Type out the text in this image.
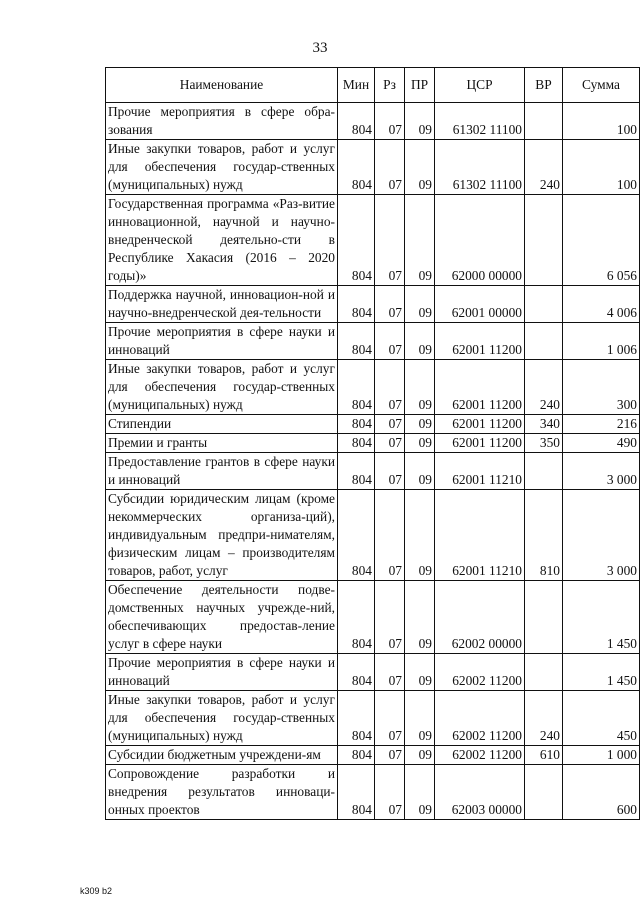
33
Наименование	Мин	Рз	ПР	ЦСР	ВР	Сумма
Прочие мероприятия в сфере обра-зования	804	07	09	61302 11100		100
Иные закупки товаров, работ и услуг для обеспечения государ-ственных (муниципальных) нужд	804	07	09	61302 11100	240	100
Государственная программа «Раз-витие инновационной, научной и научно-внедренческой деятельно-сти в Республике Хакасия (2016 – 2020 годы)»	804	07	09	62000 00000		6 056
Поддержка научной, инновацион-ной и научно-внедренческой дея-тельности	804	07	09	62001 00000		4 006
Прочие мероприятия в сфере науки и инноваций	804	07	09	62001 11200		1 006
Иные закупки товаров, работ и услуг для обеспечения государ-ственных (муниципальных) нужд	804	07	09	62001 11200	240	300
Стипендии	804	07	09	62001 11200	340	216
Премии и гранты	804	07	09	62001 11200	350	490
Предоставление грантов в сфере науки и инноваций	804	07	09	62001 11210		3 000
Субсидии юридическим лицам (кроме некоммерческих организа-ций), индивидуальным предпри-нимателям, физическим лицам – производителям товаров, работ, услуг	804	07	09	62001 11210	810	3 000
Обеспечение деятельности подве-домственных научных учрежде-ний, обеспечивающих предостав-ление услуг в сфере науки	804	07	09	62002 00000		1 450
Прочие мероприятия в сфере науки и инноваций	804	07	09	62002 11200		1 450
Иные закупки товаров, работ и услуг для обеспечения государ-ственных (муниципальных) нужд	804	07	09	62002 11200	240	450
Субсидии бюджетным учреждени-ям	804	07	09	62002 11200	610	1 000
Сопровождение разработки и внедрения результатов инноваци-онных проектов	804	07	09	62003 00000		600
k309 b2
